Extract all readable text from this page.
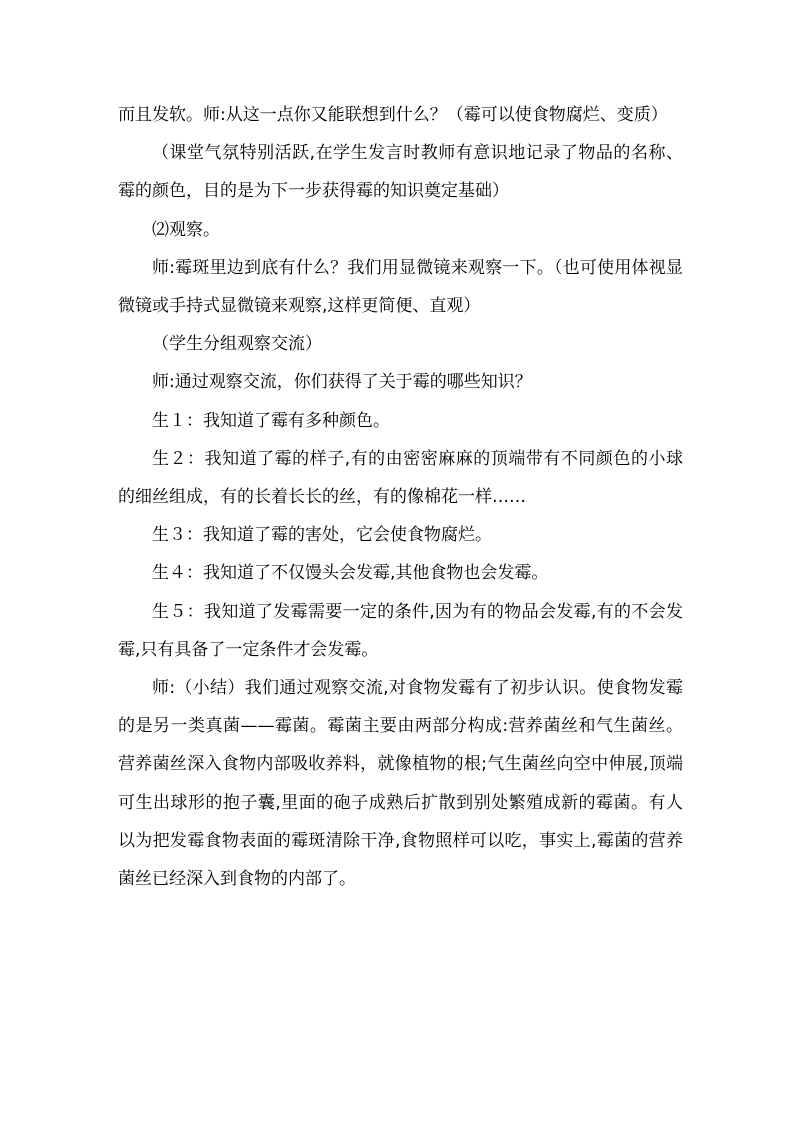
而且发软。师:从这一点你又能联想到什么？（霉可以使食物腐烂、变质）

（课堂气氛特别活跃,在学生发言时教师有意识地记录了物品的名称、霉的颜色，目的是为下一步获得霉的知识奠定基础）

⑵观察。

师:霉斑里边到底有什么？我们用显微镜来观察一下。（也可使用体视显微镜或手持式显微镜来观察,这样更简便、直观）

（学生分组观察交流）

师:通过观察交流，你们获得了关于霉的哪些知识？

生１：我知道了霉有多种颜色。

生２：我知道了霉的样子,有的由密密麻麻的顶端带有不同颜色的小球的细丝组成，有的长着长长的丝，有的像棉花一样……

生３：我知道了霉的害处，它会使食物腐烂。

生４：我知道了不仅馒头会发霉,其他食物也会发霉。

生５：我知道了发霉需要一定的条件,因为有的物品会发霉,有的不会发霉,只有具备了一定条件才会发霉。

师:（小结）我们通过观察交流,对食物发霉有了初步认识。使食物发霉的是另一类真菌——霉菌。霉菌主要由两部分构成:营养菌丝和气生菌丝。营养菌丝深入食物内部吸收养料，就像植物的根;气生菌丝向空中伸展,顶端可生出球形的抱子囊,里面的砲子成熟后扩散到别处繁殖成新的霉菌。有人以为把发霉食物表面的霉斑清除干净,食物照样可以吃，事实上,霉菌的营养菌丝已经深入到食物的内部了。
